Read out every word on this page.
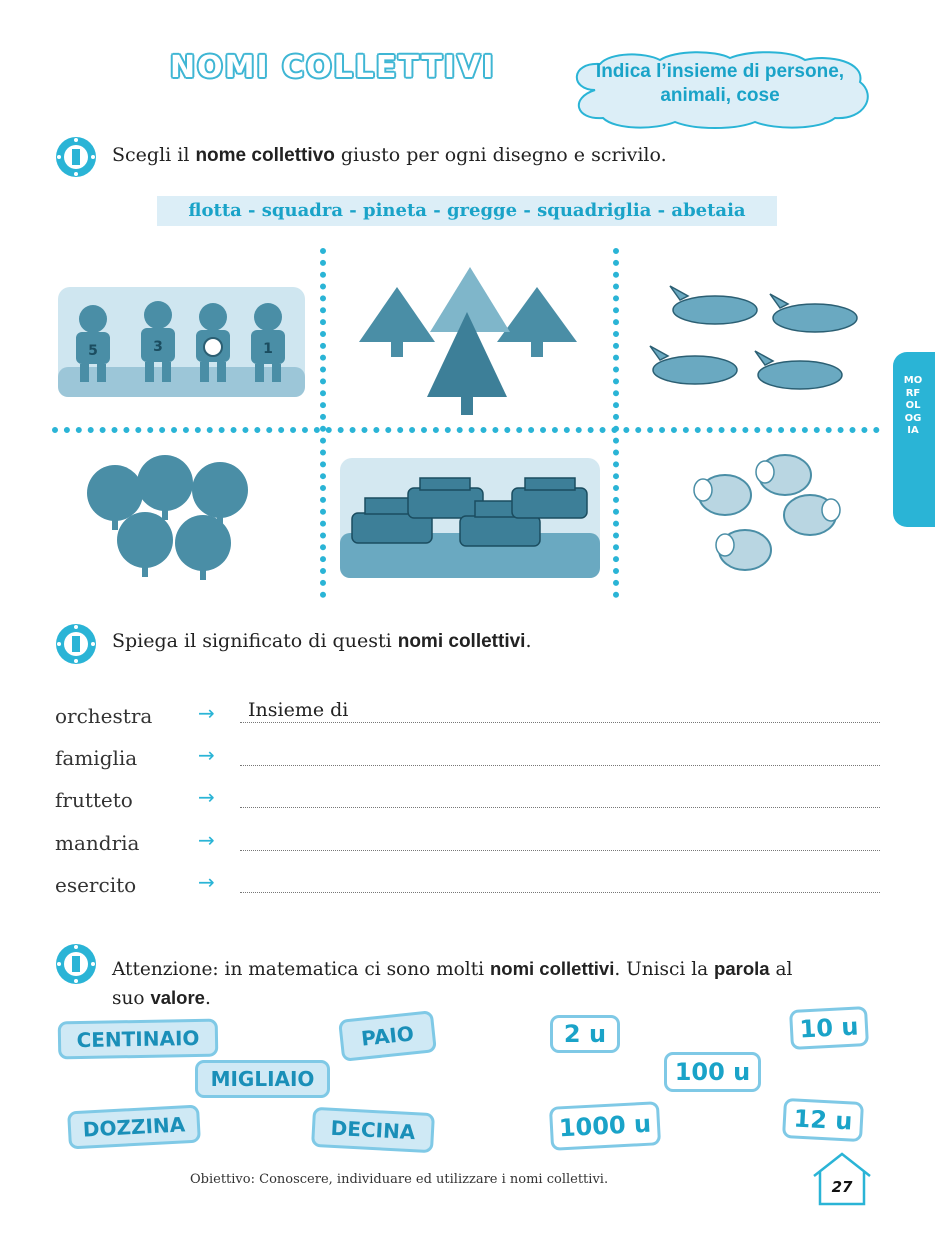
NOMI COLLETTIVI	Indica l’insieme di persone, animali, cose
Scegli il nome collettivo giusto per ogni disegno e scrivilo.
flotta - squadra - pineta - gregge - squadriglia - abetaia
5	3	1
Spiega il significato di questi nomi collettivi.
orchestra → Insieme di
famiglia	→
frutteto	→
mandria	→
esercito	→
Attenzione: in matematica ci sono molti nomi collettivi. Unisci la parola al
suo valore.
CENTINAIO	PAIO
MIGLIAIO
DOZZINA	DECINA
2 u	10 u
100 u
1000 u	12 u
MORFOLOGIA
Obiettivo: Conoscere, individuare ed utilizzare i nomi collettivi.	27
